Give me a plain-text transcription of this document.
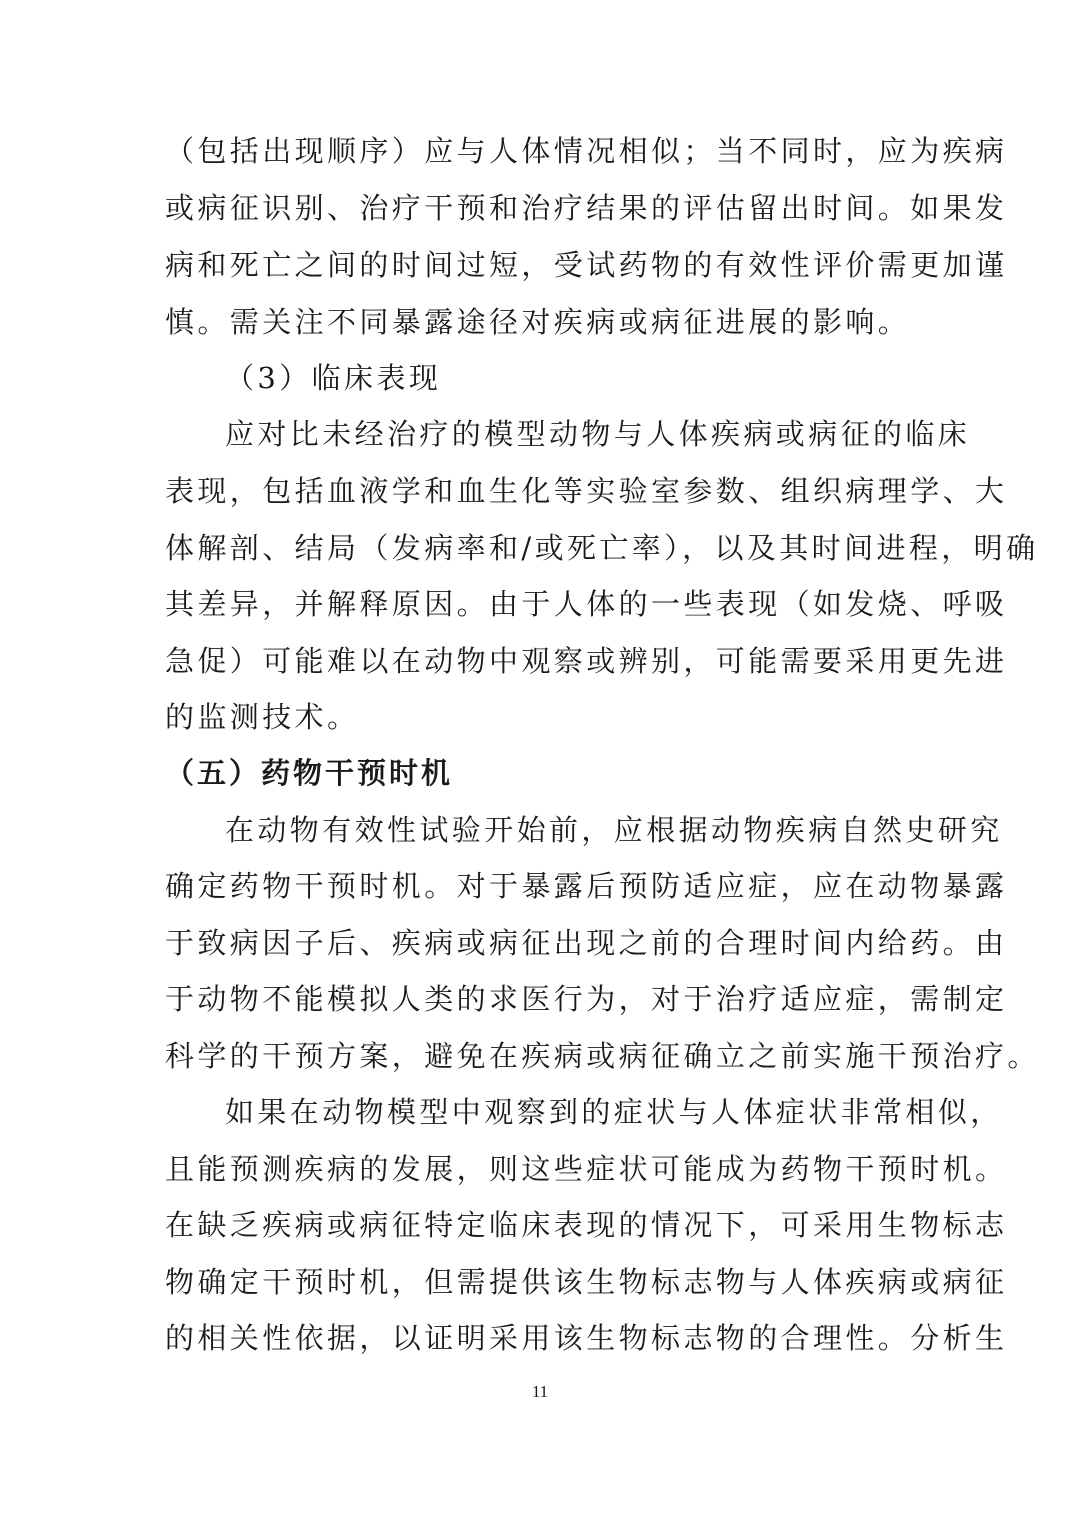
（包括出现顺序）应与人体情况相似；当不同时，应为疾病
或病征识别、治疗干预和治疗结果的评估留出时间。如果发
病和死亡之间的时间过短，受试药物的有效性评价需更加谨
慎。需关注不同暴露途径对疾病或病征进展的影响。
（3）临床表现
应对比未经治疗的模型动物与人体疾病或病征的临床
表现，包括血液学和血生化等实验室参数、组织病理学、大
体解剖、结局（发病率和/或死亡率），以及其时间进程，明确
其差异，并解释原因。由于人体的一些表现（如发烧、呼吸
急促）可能难以在动物中观察或辨别，可能需要采用更先进
的监测技术。
（五）药物干预时机
在动物有效性试验开始前，应根据动物疾病自然史研究
确定药物干预时机。对于暴露后预防适应症，应在动物暴露
于致病因子后、疾病或病征出现之前的合理时间内给药。由
于动物不能模拟人类的求医行为，对于治疗适应症，需制定
科学的干预方案，避免在疾病或病征确立之前实施干预治疗。
如果在动物模型中观察到的症状与人体症状非常相似，
且能预测疾病的发展，则这些症状可能成为药物干预时机。
在缺乏疾病或病征特定临床表现的情况下，可采用生物标志
物确定干预时机，但需提供该生物标志物与人体疾病或病征
的相关性依据，以证明采用该生物标志物的合理性。分析生
11
